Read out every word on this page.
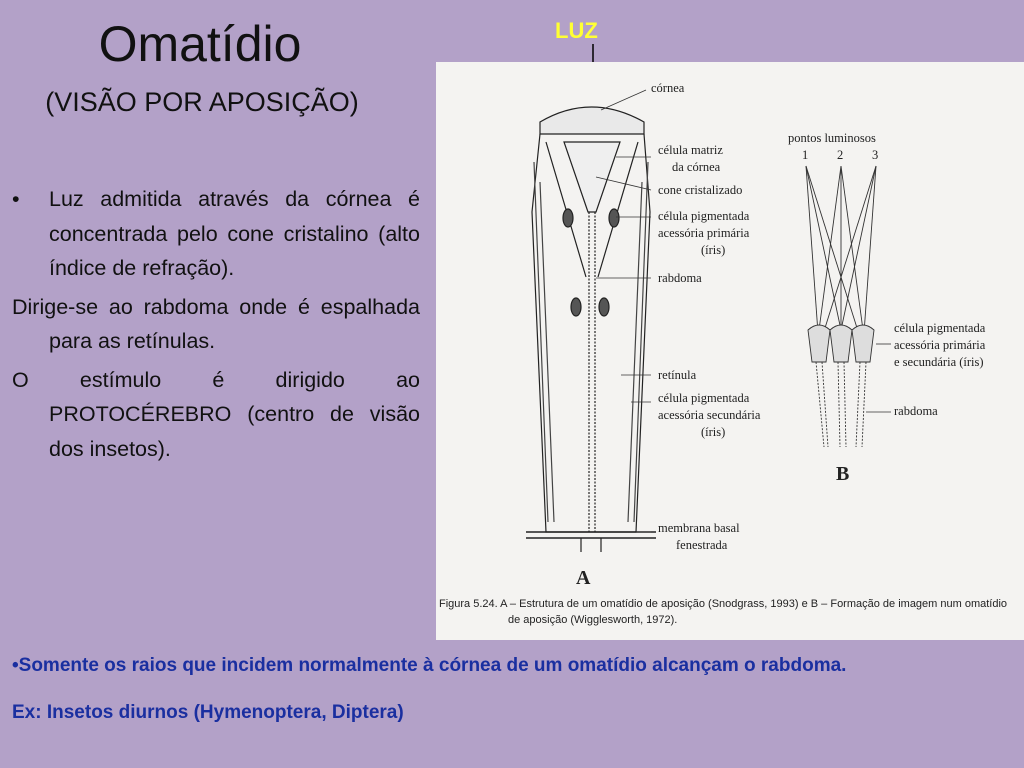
Omatídio
(VISÃO POR APOSIÇÃO)

• Luz admitida através da córnea é concentrada pelo cone cristalino (alto índice de refração).

Dirige-se ao rabdoma onde é espalhada para as retínulas.

O estímulo é dirigido ao PROTOCÉREBRO (centro de visão dos insetos).

LUZ
córnea
célula matriz
da córnea
cone cristalizado
célula pigmentada
acessória primária
(íris)
rabdoma
retínula
célula pigmentada
acessória secundária
(íris)
membrana basal
fenestrada
A
pontos luminosos
1 2 3
célula pigmentada
acessória primária
e secundária (íris)
rabdoma
B
Figura 5.24. A – Estrutura de um omatídio de aposição (Snodgrass, 1993) e B – Formação de imagem num omatídio
de aposição (Wigglesworth, 1972).
•Somente os raios que incidem normalmente à córnea de um omatídio alcançam o rabdoma.
Ex: Insetos diurnos (Hymenoptera, Diptera)
